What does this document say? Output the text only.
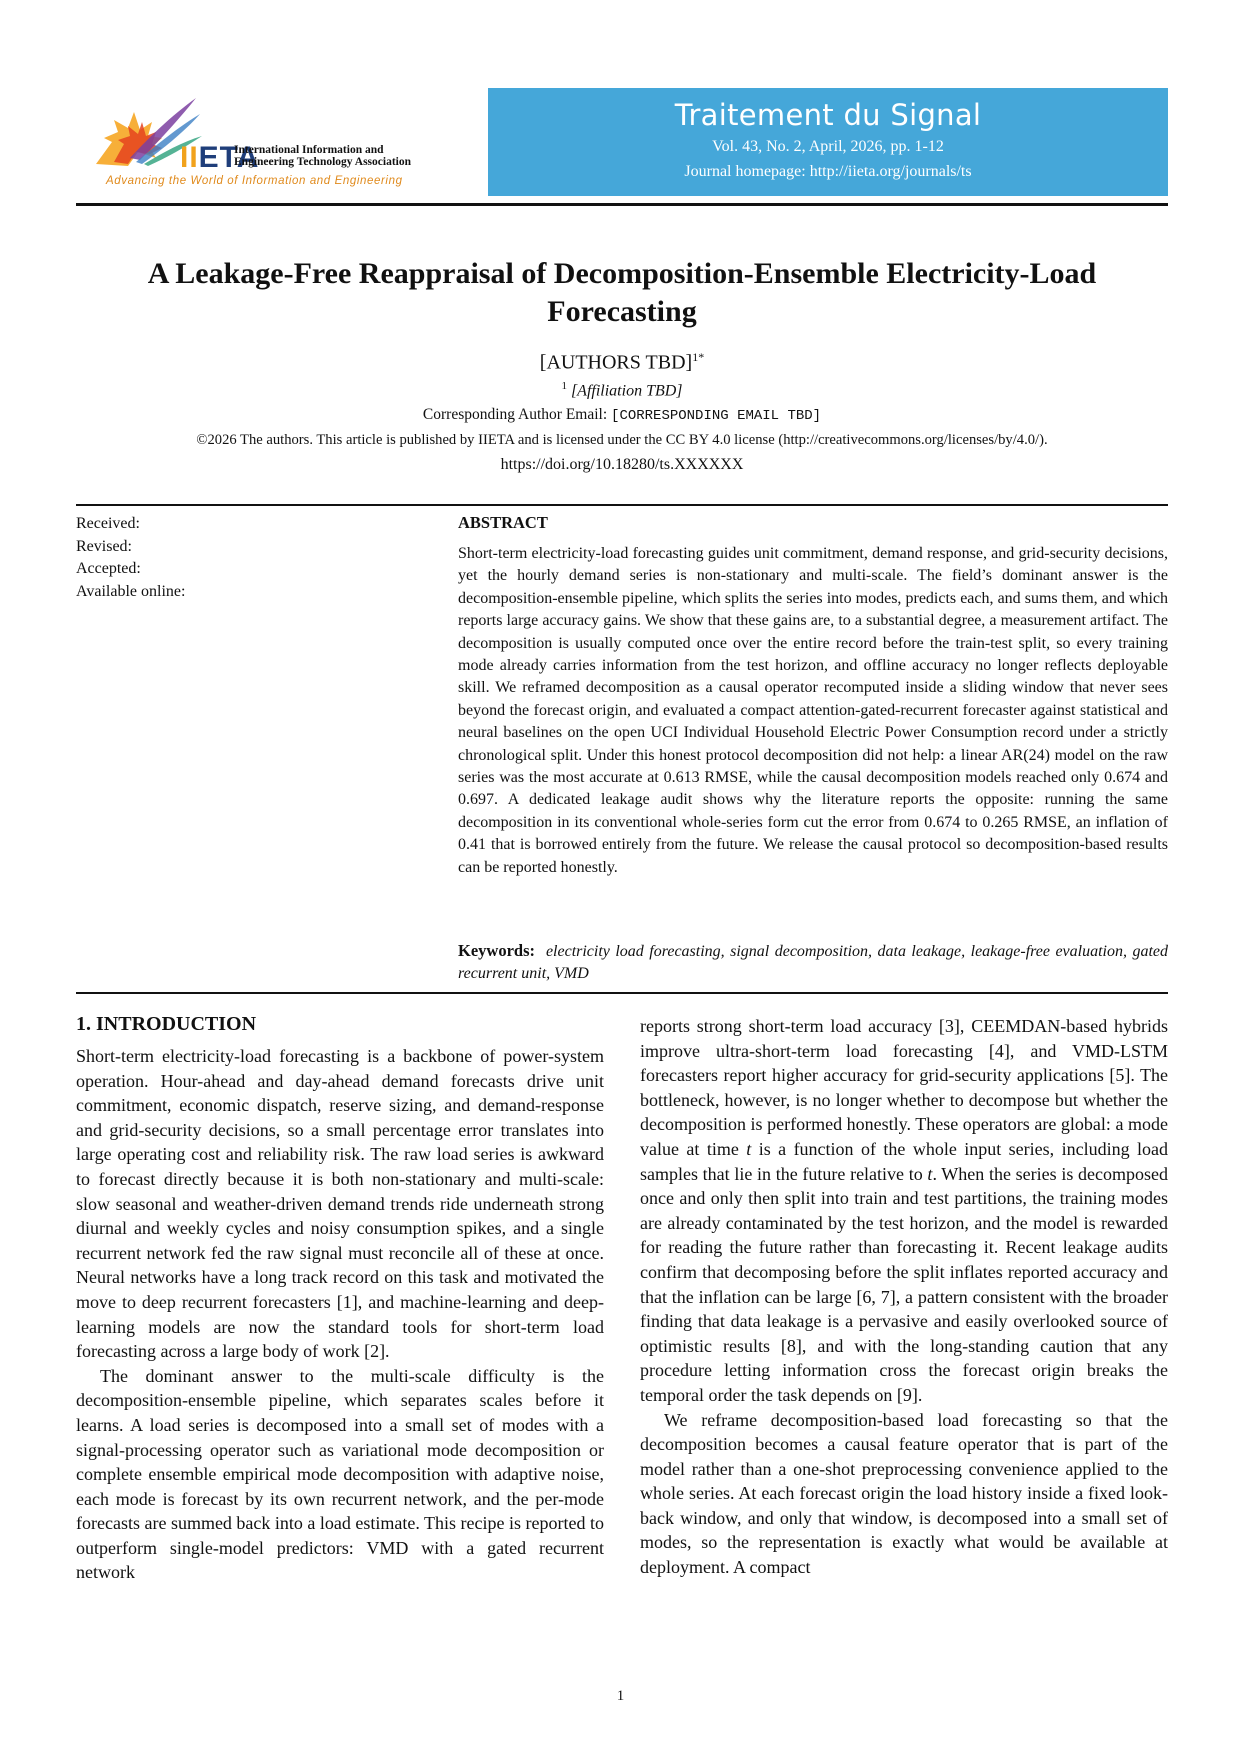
IIETA
International Information and
Engineering Technology Association
Advancing the World of Information and Engineering
Traitement du Signal
Vol. 43, No. 2, April, 2026, pp. 1-12
Journal homepage: http://iieta.org/journals/ts
A Leakage-Free Reappraisal of Decomposition-Ensemble Electricity-Load Forecasting
[AUTHORS TBD]$^{1*}$
$^1$ [Affiliation TBD]
Corresponding Author Email: [CORRESPONDING EMAIL TBD]
©2026 The authors. This article is published by IIETA and is licensed under the CC BY 4.0 license (http://creativecommons.org/licenses/by/4.0/).
https://doi.org/10.18280/ts.XXXXXX
Received:
Revised:
Accepted:
Available online:
ABSTRACT
Short-term electricity-load forecasting guides unit commitment, demand response, and grid-security decisions, yet the hourly demand series is non-stationary and multi-scale. The field’s dominant answer is the decomposition-ensemble pipeline, which splits the series into modes, predicts each, and sums them, and which reports large accuracy gains. We show that these gains are, to a substantial degree, a measurement artifact. The decomposition is usually computed once over the entire record before the train-test split, so every training mode already carries information from the test horizon, and offline accuracy no longer reflects deployable skill. We reframed decomposition as a causal operator recomputed inside a sliding window that never sees beyond the forecast origin, and evaluated a compact attention-gated-recurrent forecaster against statistical and neural baselines on the open UCI Individual Household Electric Power Consumption record under a strictly chronological split. Under this honest protocol decomposition did not help: a linear AR(24) model on the raw series was the most accurate at 0.613 RMSE, while the causal decomposition models reached only 0.674 and 0.697. A dedicated leakage audit shows why the literature reports the opposite: running the same decomposition in its conventional whole-series form cut the error from 0.674 to 0.265 RMSE, an inflation of 0.41 that is borrowed entirely from the future. We release the causal protocol so decomposition-based results can be reported honestly.
Keywords: electricity load forecasting, signal decomposition, data leakage, leakage-free evaluation, gated recurrent unit, VMD
1. INTRODUCTION

Short-term electricity-load forecasting is a backbone of power-system operation. Hour-ahead and day-ahead demand forecasts drive unit commitment, economic dispatch, reserve sizing, and demand-response and grid-security decisions, so a small percentage error translates into large operating cost and reliability risk. The raw load series is awkward to forecast directly because it is both non-stationary and multi-scale: slow seasonal and weather-driven demand trends ride underneath strong diurnal and weekly cycles and noisy consumption spikes, and a single recurrent network fed the raw signal must reconcile all of these at once. Neural networks have a long track record on this task and motivated the move to deep recurrent forecasters [1], and machine-learning and deep-learning models are now the standard tools for short-term load forecasting across a large body of work [2].

The dominant answer to the multi-scale difficulty is the decomposition-ensemble pipeline, which separates scales before it learns. A load series is decomposed into a small set of modes with a signal-processing operator such as variational mode decomposition or complete ensemble empirical mode decomposition with adaptive noise, each mode is forecast by its own recurrent network, and the per-mode forecasts are summed back into a load estimate. This recipe is reported to outperform single-model predictors: VMD with a gated recurrent network

reports strong short-term load accuracy [3], CEEMDAN-based hybrids improve ultra-short-term load forecasting [4], and VMD-LSTM forecasters report higher accuracy for grid-security applications [5]. The bottleneck, however, is no longer whether to decompose but whether the decomposition is performed honestly. These operators are global: a mode value at time t is a function of the whole input series, including load samples that lie in the future relative to t. When the series is decomposed once and only then split into train and test partitions, the training modes are already contaminated by the test horizon, and the model is rewarded for reading the future rather than forecasting it. Recent leakage audits confirm that decomposing before the split inflates reported accuracy and that the inflation can be large [6, 7], a pattern consistent with the broader finding that data leakage is a pervasive and easily overlooked source of optimistic results [8], and with the long-standing caution that any procedure letting information cross the forecast origin breaks the temporal order the task depends on [9].

We reframe decomposition-based load forecasting so that the decomposition becomes a causal feature operator that is part of the model rather than a one-shot preprocessing convenience applied to the whole series. At each forecast origin the load history inside a fixed look-back window, and only that window, is decomposed into a small set of modes, so the representation is exactly what would be available at deployment. A compact

1
